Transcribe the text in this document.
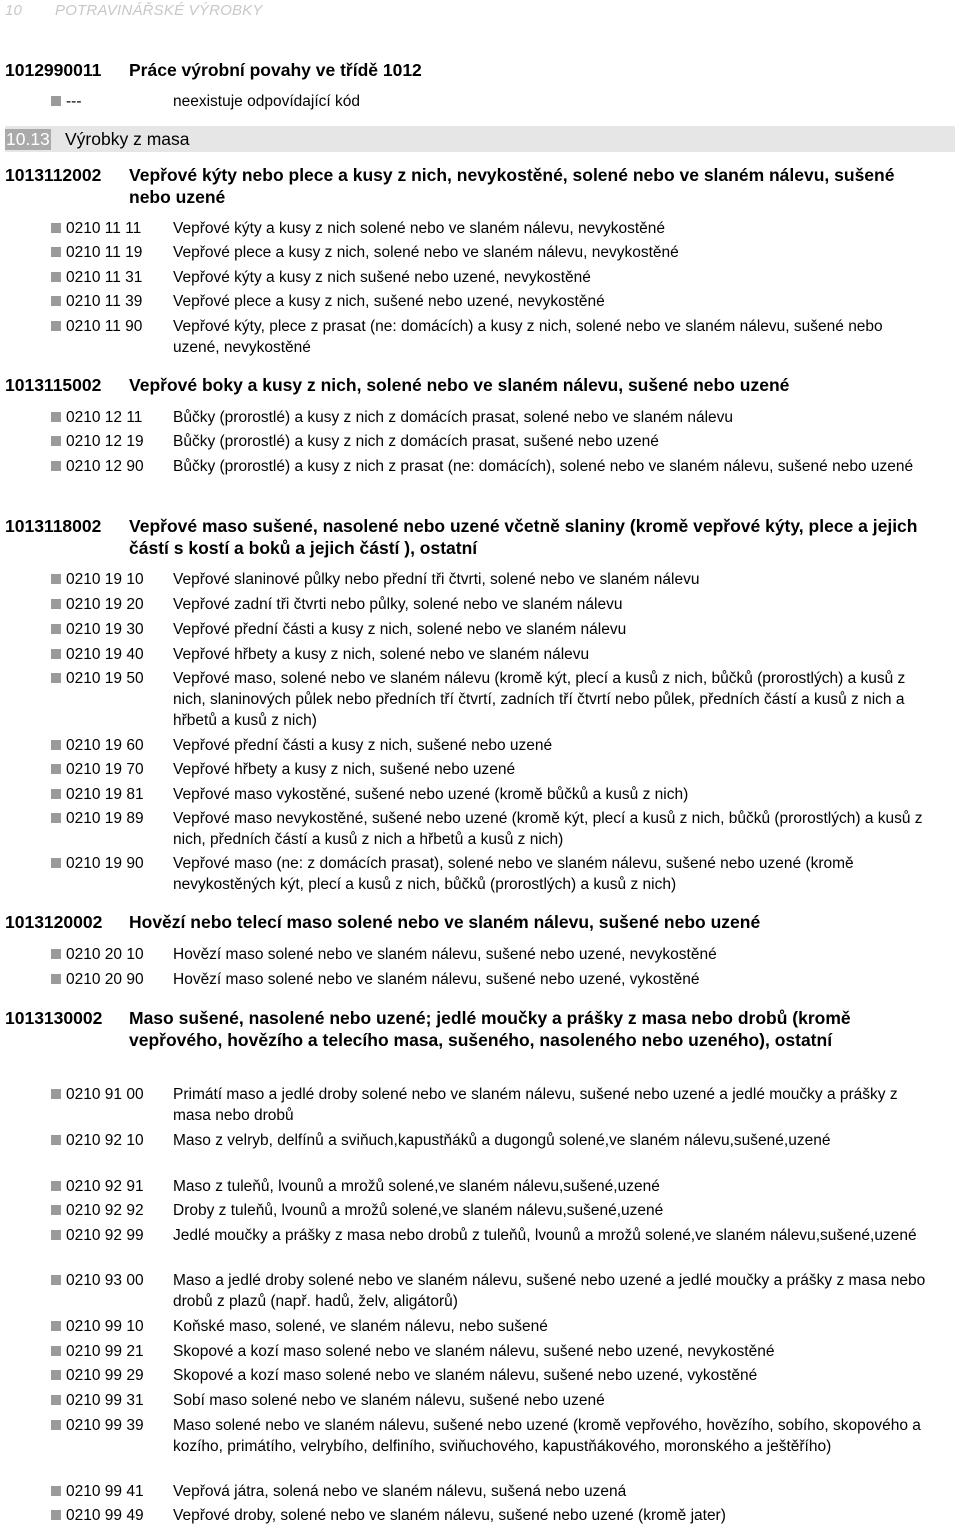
10 POTRAVINÁŘSKÉ VÝROBKY
1012990011 Práce výrobní povahy ve třídě 1012
---	neexistuje odpovídající kód
10.13 Výrobky z masa
1013112002 Vepřové kýty nebo plece a kusy z nich, nevykostěné, solené nebo ve slaném nálevu, sušené nebo uzené
0210 11 11 Vepřové kýty a kusy z nich solené nebo ve slaném nálevu, nevykostěné
0210 11 19 Vepřové plece a kusy z nich, solené nebo ve slaném nálevu, nevykostěné
0210 11 31 Vepřové kýty a kusy z nich sušené nebo uzené, nevykostěné
0210 11 39 Vepřové plece a kusy z nich, sušené nebo uzené, nevykostěné
0210 11 90 Vepřové kýty, plece z prasat (ne: domácích) a kusy z nich, solené nebo ve slaném nálevu, sušené nebo uzené, nevykostěné
1013115002 Vepřové boky a kusy z nich, solené nebo ve slaném nálevu, sušené nebo uzené
0210 12 11 Bůčky (prorostlé) a kusy z nich z domácích prasat, solené nebo ve slaném nálevu
0210 12 19 Bůčky (prorostlé) a kusy z nich z domácích prasat, sušené nebo uzené
0210 12 90 Bůčky (prorostlé) a kusy z nich z prasat (ne: domácích), solené nebo ve slaném nálevu, sušené nebo uzené
1013118002 Vepřové maso sušené, nasolené nebo uzené včetně slaniny (kromě vepřové kýty, plece a jejich částí s kostí a boků a jejich částí ), ostatní
0210 19 10 Vepřové slaninové půlky nebo přední tři čtvrti, solené nebo ve slaném nálevu
0210 19 20 Vepřové zadní tři čtvrti nebo půlky, solené nebo ve slaném nálevu
0210 19 30 Vepřové přední části a kusy z nich, solené nebo ve slaném nálevu
0210 19 40 Vepřové hřbety a kusy z nich, solené nebo ve slaném nálevu
0210 19 50 Vepřové maso, solené nebo ve slaném nálevu (kromě kýt, plecí a kusů z nich, bůčků (prorostlých) a kusů z nich, slaninových půlek nebo předních tří čtvrtí, zadních tří čtvrtí nebo půlek, předních částí a kusů z nich a hřbetů a kusů z nich)
0210 19 60 Vepřové přední části a kusy z nich, sušené nebo uzené
0210 19 70 Vepřové hřbety a kusy z nich, sušené nebo uzené
0210 19 81 Vepřové maso vykostěné, sušené nebo uzené (kromě bůčků a kusů z nich)
0210 19 89 Vepřové maso nevykostěné, sušené nebo uzené (kromě kýt, plecí a kusů z nich, bůčků (prorostlých) a kusů z nich, předních částí a kusů z nich a hřbetů a kusů z nich)
0210 19 90 Vepřové maso (ne: z domácích prasat), solené nebo ve slaném nálevu, sušené nebo uzené (kromě nevykostěných kýt, plecí a kusů z nich, bůčků (prorostlých) a kusů z nich)
1013120002 Hovězí nebo telecí maso solené nebo ve slaném nálevu, sušené nebo uzené
0210 20 10 Hovězí maso solené nebo ve slaném nálevu, sušené nebo uzené, nevykostěné
0210 20 90 Hovězí maso solené nebo ve slaném nálevu, sušené nebo uzené, vykostěné
1013130002 Maso sušené, nasolené nebo uzené; jedlé moučky a prášky z masa nebo drobů (kromě vepřového, hovězího a telecího masa, sušeného, nasoleného nebo uzeného), ostatní
0210 91 00 Primátí maso a jedlé droby solené nebo ve slaném nálevu, sušené nebo uzené a jedlé moučky a prášky z masa nebo drobů
0210 92 10 Maso z velryb, delfínů a sviňuch,kapustňáků a dugongů solené,ve slaném nálevu,sušené,uzené
0210 92 91 Maso z tuleňů, lvounů a mrožů solené,ve slaném nálevu,sušené,uzené
0210 92 92 Droby z tuleňů, lvounů a mrožů solené,ve slaném nálevu,sušené,uzené
0210 92 99 Jedlé moučky a prášky z masa nebo drobů z tuleňů, lvounů a mrožů solené,ve slaném nálevu,sušené,uzené
0210 93 00 Maso a jedlé droby solené nebo ve slaném nálevu, sušené nebo uzené a jedlé moučky a prášky z masa nebo drobů z plazů (např. hadů, želv, aligátorů)
0210 99 10 Koňské maso, solené, ve slaném nálevu, nebo sušené
0210 99 21 Skopové a kozí maso solené nebo ve slaném nálevu, sušené nebo uzené, nevykostěné
0210 99 29 Skopové a kozí maso solené nebo ve slaném nálevu, sušené nebo uzené, vykostěné
0210 99 31 Sobí maso solené nebo ve slaném nálevu, sušené nebo uzené
0210 99 39 Maso solené nebo ve slaném nálevu, sušené nebo uzené (kromě vepřového, hovězího, sobího, skopového a kozího, primátího, velrybího, delfiního, sviňuchového, kapustňákového, moronského a ještěřího)
0210 99 41 Vepřová játra, solená nebo ve slaném nálevu, sušená nebo uzená
0210 99 49 Vepřové droby, solené nebo ve slaném nálevu, sušené nebo uzené (kromě jater)
